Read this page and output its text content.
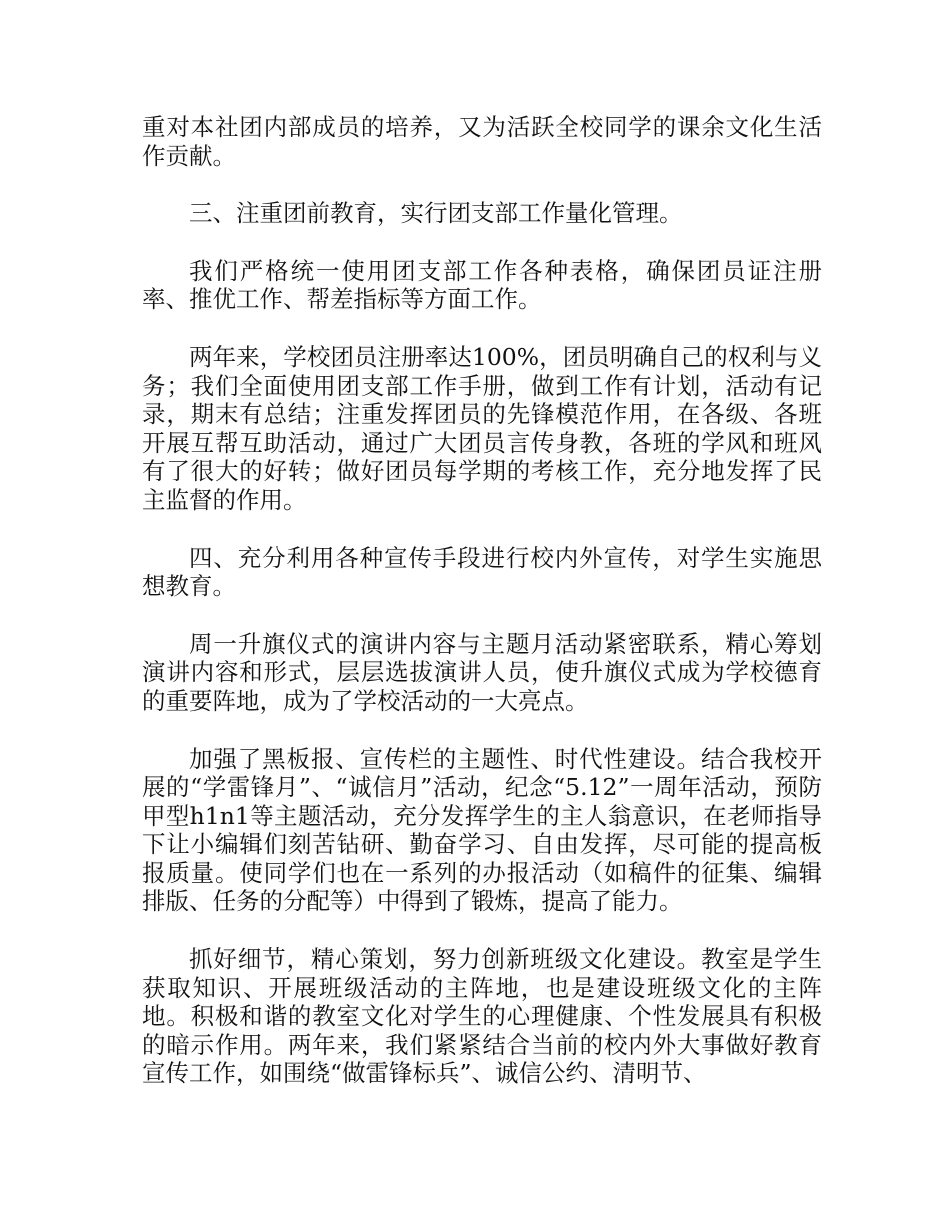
重对本社团内部成员的培养，又为活跃全校同学的课余文化生活作贡献。

三、注重团前教育，实行团支部工作量化管理。

我们严格统一使用团支部工作各种表格，确保团员证注册率、推优工作、帮差指标等方面工作。

两年来，学校团员注册率达100%，团员明确自己的权利与义务；我们全面使用团支部工作手册，做到工作有计划，活动有记录，期末有总结；注重发挥团员的先锋模范作用，在各级、各班开展互帮互助活动，通过广大团员言传身教，各班的学风和班风有了很大的好转；做好团员每学期的考核工作，充分地发挥了民主监督的作用。

四、充分利用各种宣传手段进行校内外宣传，对学生实施思想教育。

周一升旗仪式的演讲内容与主题月活动紧密联系，精心筹划演讲内容和形式，层层选拔演讲人员，使升旗仪式成为学校德育的重要阵地，成为了学校活动的一大亮点。

加强了黑板报、宣传栏的主题性、时代性建设。结合我校开展的“学雷锋月”、“诚信月”活动，纪念“5.12”一周年活动，预防甲型h1n1等主题活动，充分发挥学生的主人翁意识，在老师指导下让小编辑们刻苦钻研、勤奋学习、自由发挥，尽可能的提高板报质量。使同学们也在一系列的办报活动（如稿件的征集、编辑排版、任务的分配等）中得到了锻炼，提高了能力。

抓好细节，精心策划，努力创新班级文化建设。教室是学生获取知识、开展班级活动的主阵地，也是建设班级文化的主阵地。积极和谐的教室文化对学生的心理健康、个性发展具有积极的暗示作用。两年来，我们紧紧结合当前的校内外大事做好教育宣传工作，如围绕“做雷锋标兵”、诚信公约、清明节、
